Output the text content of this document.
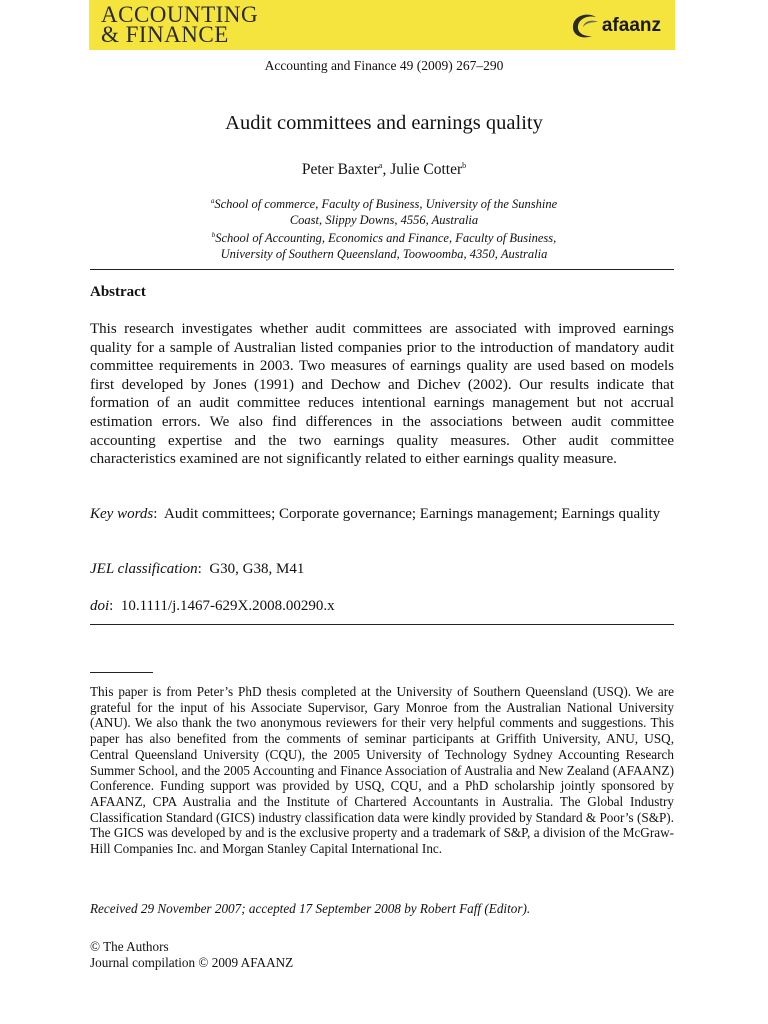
ACCOUNTING
& FINANCE	afaanz
Accounting and Finance 49 (2009) 267–290
Audit committees and earnings quality
Peter Baxter$^a$, Julie Cotter$^b$
$^a$School of commerce, Faculty of Business, University of the Sunshine
Coast, Slippy Downs, 4556, Australia
$^b$School of Accounting, Economics and Finance, Faculty of Business,
University of Southern Queensland, Toowoomba, 4350, Australia
Abstract
This research investigates whether audit committees are associated with improved earnings quality for a sample of Australian listed companies prior to the introduction of mandatory audit committee requirements in 2003. Two measures of earnings quality are used based on models first developed by Jones (1991) and Dechow and Dichev (2002). Our results indicate that formation of an audit committee reduces intentional earnings management but not accrual estimation errors. We also find differences in the associations between audit committee accounting expertise and the two earnings quality measures. Other audit committee characteristics examined are not significantly related to either earnings quality measure.
Key words:  Audit committees; Corporate governance; Earnings management; Earnings quality
JEL classification:  G30, G38, M41
doi:  10.1111/j.1467-629X.2008.00290.x
This paper is from Peter’s PhD thesis completed at the University of Southern Queensland (USQ). We are grateful for the input of his Associate Supervisor, Gary Monroe from the Australian National University (ANU). We also thank the two anonymous reviewers for their very helpful comments and suggestions. This paper has also benefited from the comments of seminar participants at Griffith University, ANU, USQ, Central Queensland University (CQU), the 2005 University of Technology Sydney Accounting Research Summer School, and the 2005 Accounting and Finance Association of Australia and New Zealand (AFAANZ) Conference. Funding support was provided by USQ, CQU, and a PhD scholarship jointly sponsored by AFAANZ, CPA Australia and the Institute of Chartered Accountants in Australia. The Global Industry Classification Standard (GICS) industry classification data were kindly provided by Standard & Poor’s (S&P). The GICS was developed by and is the exclusive property and a trademark of S&P, a division of the McGraw-Hill Companies Inc. and Morgan Stanley Capital International Inc.
Received 29 November 2007; accepted 17 September 2008 by Robert Faff (Editor).
© The Authors
Journal compilation © 2009 AFAANZ
